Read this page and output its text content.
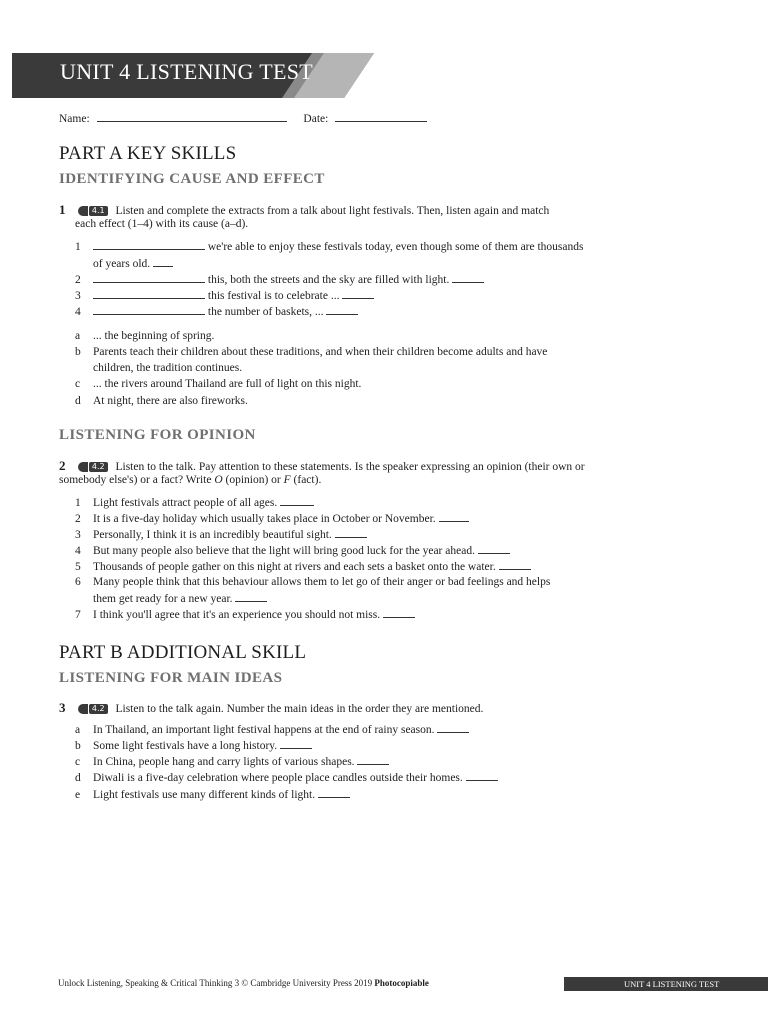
UNIT 4 LISTENING TEST
Name:	Date:
PART A KEY SKILLS
IDENTIFYING CAUSE AND EFFECT
1	4.1 Listen and complete the extracts from a talk about light festivals. Then, listen again and match
each effect (1–4) with its cause (a–d).
1	we're able to enjoy these festivals today, even though some of them are thousands
of years old.
2	this, both the streets and the sky are filled with light.
3	this festival is to celebrate ...
4	the number of baskets, ...
a ... the beginning of spring.
b Parents teach their children about these traditions, and when their children become adults and have
children, the tradition continues.
c ... the rivers around Thailand are full of light on this night.
d At night, there are also fireworks.
LISTENING FOR OPINION
2	4.2 Listen to the talk. Pay attention to these statements. Is the speaker expressing an opinion (their own or
somebody else's) or a fact? Write O (opinion) or F (fact).
1 Light festivals attract people of all ages.
2 It is a five-day holiday which usually takes place in October or November.
3 Personally, I think it is an incredibly beautiful sight.
4 But many people also believe that the light will bring good luck for the year ahead.
5 Thousands of people gather on this night at rivers and each sets a basket onto the water.
6 Many people think that this behaviour allows them to let go of their anger or bad feelings and helps
them get ready for a new year.
7 I think you'll agree that it's an experience you should not miss.
PART B ADDITIONAL SKILL
LISTENING FOR MAIN IDEAS
3	4.2 Listen to the talk again. Number the main ideas in the order they are mentioned.
a In Thailand, an important light festival happens at the end of rainy season.
b Some light festivals have a long history.
c In China, people hang and carry lights of various shapes.
d Diwali is a five-day celebration where people place candles outside their homes.
e Light festivals use many different kinds of light.
Unlock Listening, Speaking & Critical Thinking 3 © Cambridge University Press 2019 Photocopiable	UNIT 4 LISTENING TEST
